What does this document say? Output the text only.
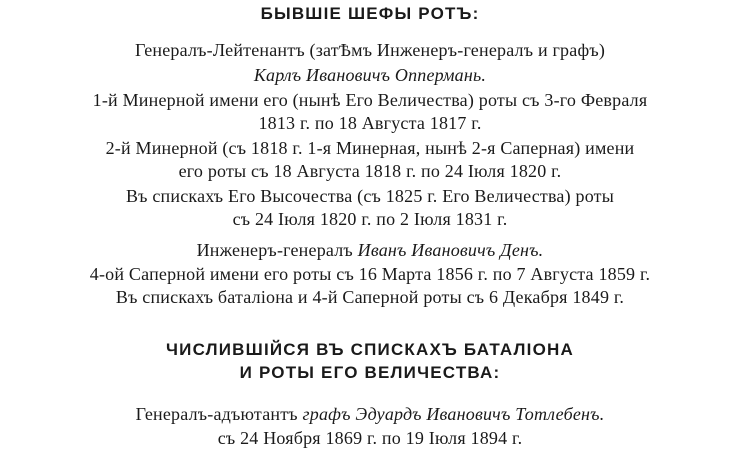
БЫВШIЕ ШЕФЫ РОТЪ:
Генералъ-Лейтенантъ (затѢмъ Инженеръ-генералъ и графъ)
Карлъ Ивановичъ Оппермань.
1-й Минерной имени его (нынѣ Его Величества) роты съ 3-го Февраля
1813 г. по 18 Августа 1817 г.
2-й Минерной (съ 1818 г. 1-я Минерная, нынѣ 2-я Саперная) имени
его роты съ 18 Августа 1818 г. по 24 Iюля 1820 г.
Въ спискахъ Его Высочества (съ 1825 г. Его Величества) роты
съ 24 Iюля 1820 г. по 2 Iюля 1831 г.
Инженеръ-генералъ Иванъ Ивановичъ Денъ.
4-ой Саперной имени его роты съ 16 Марта 1856 г. по 7 Августа 1859 г.
Въ спискахъ баталiона и 4-й Саперной роты съ 6 Декабря 1849 г.
ЧИСЛИВШIЙСЯ ВЪ СПИСКАХЪ БАТАЛIОНА
И РОТЫ ЕГО ВЕЛИЧЕСТВА:
Генералъ-адъютантъ графъ Эдуардъ Ивановичъ Тотлебенъ.
съ 24 Ноября 1869 г. по 19 Iюля 1894 г.
